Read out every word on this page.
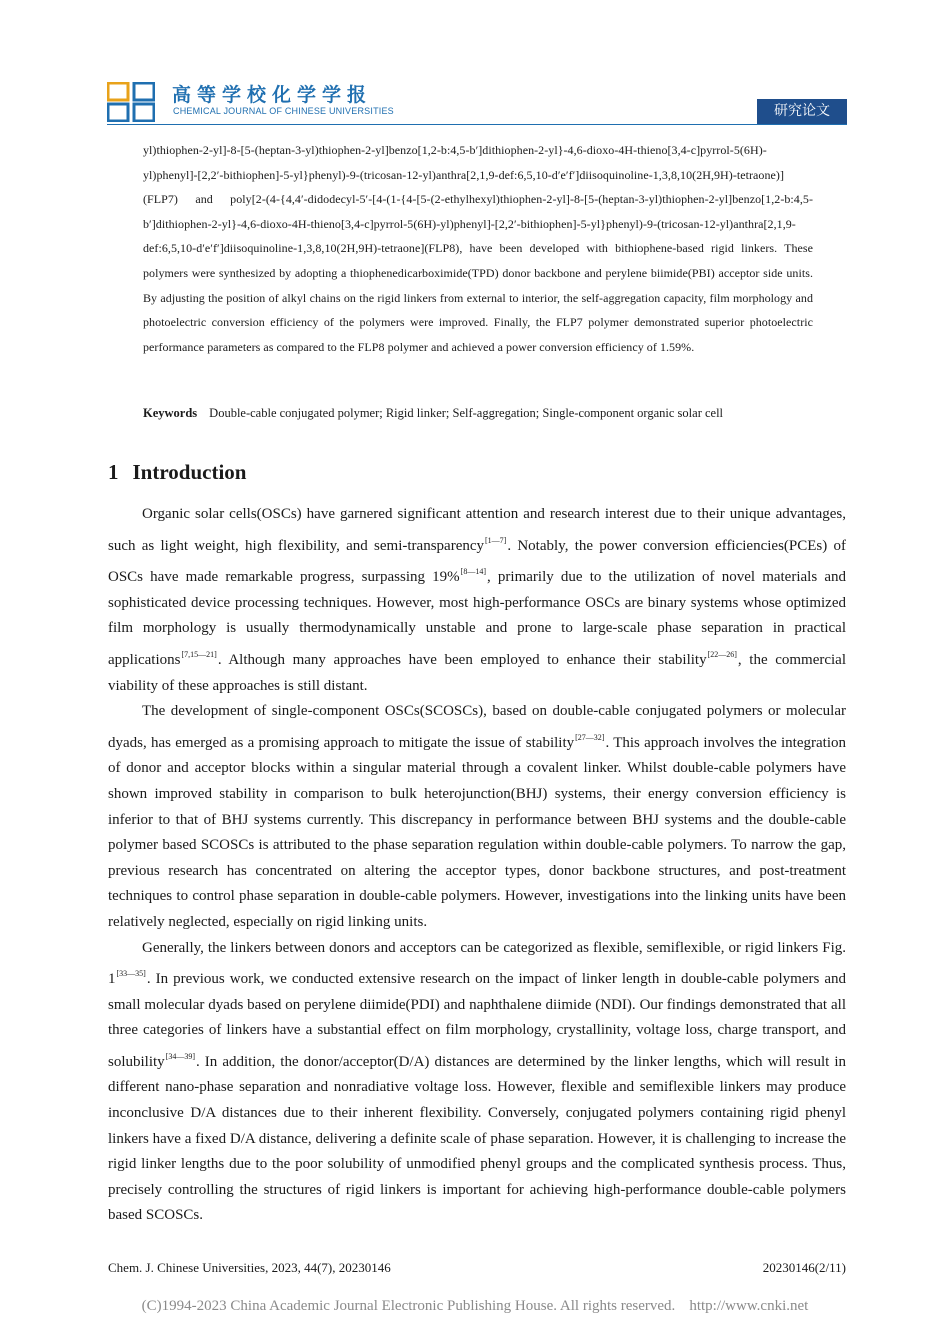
高等学校化学学报
CHEMICAL JOURNAL OF CHINESE UNIVERSITIES	研究论文

yl)thiophen-2-yl]-8-[5-(heptan-3-yl)thiophen-2-yl]benzo[1,2-b:4,5-b′]dithiophen-2-yl}-4,6-dioxo-4H-thieno[3,4-c]pyrrol-5(6H)-yl)phenyl]-[2,2′-bithiophen]-5-yl}phenyl)-9-(tricosan-12-yl)anthra[2,1,9-def:6,5,10-d′e′f′]diisoquinoline-1,3,8,10(2H,9H)-tetraone)](FLP7) and poly[2-(4-{4,4′-didodecyl-5′-[4-(1-{4-[5-(2-ethylhexyl)thiophen-2-yl]-8-[5-(heptan-3-yl)thiophen-2-yl]benzo[1,2-b:4,5-b′]dithiophen-2-yl}-4,6-dioxo-4H-thieno[3,4-c]pyrrol-5(6H)-yl)phenyl]-[2,2′-bithiophen]-5-yl}phenyl)-9-(tricosan-12-yl)anthra[2,1,9-def:6,5,10-d′e′f′]diisoquinoline-1,3,8,10(2H,9H)-tetraone](FLP8), have been developed with bithiophene-based rigid linkers. These polymers were synthesized by adopting a thiophenedicarboximide(TPD) donor backbone and perylene biimide(PBI) acceptor side units. By adjusting the position of alkyl chains on the rigid linkers from external to interior, the self-aggregation capacity, film morphology and photoelectric conversion efficiency of the polymers were improved. Finally, the FLP7 polymer demonstrated superior photoelectric performance parameters as compared to the FLP8 polymer and achieved a power conversion efficiency of 1.59%.

Keywords Double-cable conjugated polymer; Rigid linker; Self-aggregation; Single-component organic solar cell
1 Introduction

Organic solar cells(OSCs) have garnered significant attention and research interest due to their unique advantages, such as light weight, high flexibility, and semi-transparency[1—7]. Notably, the power conversion efficiencies(PCEs) of OSCs have made remarkable progress, surpassing 19%[8—14], primarily due to the utilization of novel materials and sophisticated device processing techniques. However, most high-performance OSCs are binary systems whose optimized film morphology is usually thermodynamically unstable and prone to large-scale phase separation in practical applications[7,15—21]. Although many approaches have been employed to enhance their stability[22—26], the commercial viability of these approaches is still distant.

The development of single-component OSCs(SCOSCs), based on double-cable conjugated polymers or molecular dyads, has emerged as a promising approach to mitigate the issue of stability[27—32]. This approach involves the integration of donor and acceptor blocks within a singular material through a covalent linker. Whilst double-cable polymers have shown improved stability in comparison to bulk heterojunction(BHJ) systems, their energy conversion efficiency is inferior to that of BHJ systems currently. This discrepancy in performance between BHJ systems and the double-cable polymer based SCOSCs is attributed to the phase separation regulation within double-cable polymers. To narrow the gap, previous research has concentrated on altering the acceptor types, donor backbone structures, and post-treatment techniques to control phase separation in double-cable polymers. However, investigations into the linking units have been relatively neglected, especially on rigid linking units.

Generally, the linkers between donors and acceptors can be categorized as flexible, semiflexible, or rigid linkers Fig. 1[33—35]. In previous work, we conducted extensive research on the impact of linker length in double-cable polymers and small molecular dyads based on perylene diimide(PDI) and naphthalene diimide (NDI). Our findings demonstrated that all three categories of linkers have a substantial effect on film morphology, crystallinity, voltage loss, charge transport, and solubility[34—39]. In addition, the donor/acceptor(D/A) distances are determined by the linker lengths, which will result in different nano-phase separation and nonradiative voltage loss. However, flexible and semiflexible linkers may produce inconclusive D/A distances due to their inherent flexibility. Conversely, conjugated polymers containing rigid phenyl linkers have a fixed D/A distance, delivering a definite scale of phase separation. However, it is challenging to increase the rigid linker lengths due to the poor solubility of unmodified phenyl groups and the complicated synthesis process. Thus, precisely controlling the structures of rigid linkers is important for achieving high-performance double-cable polymers based SCOSCs.

Chem. J. Chinese Universities, 2023, 44(7), 20230146	20230146(2/11)
(C)1994-2023 China Academic Journal Electronic Publishing House. All rights reserved. http://www.cnki.net
